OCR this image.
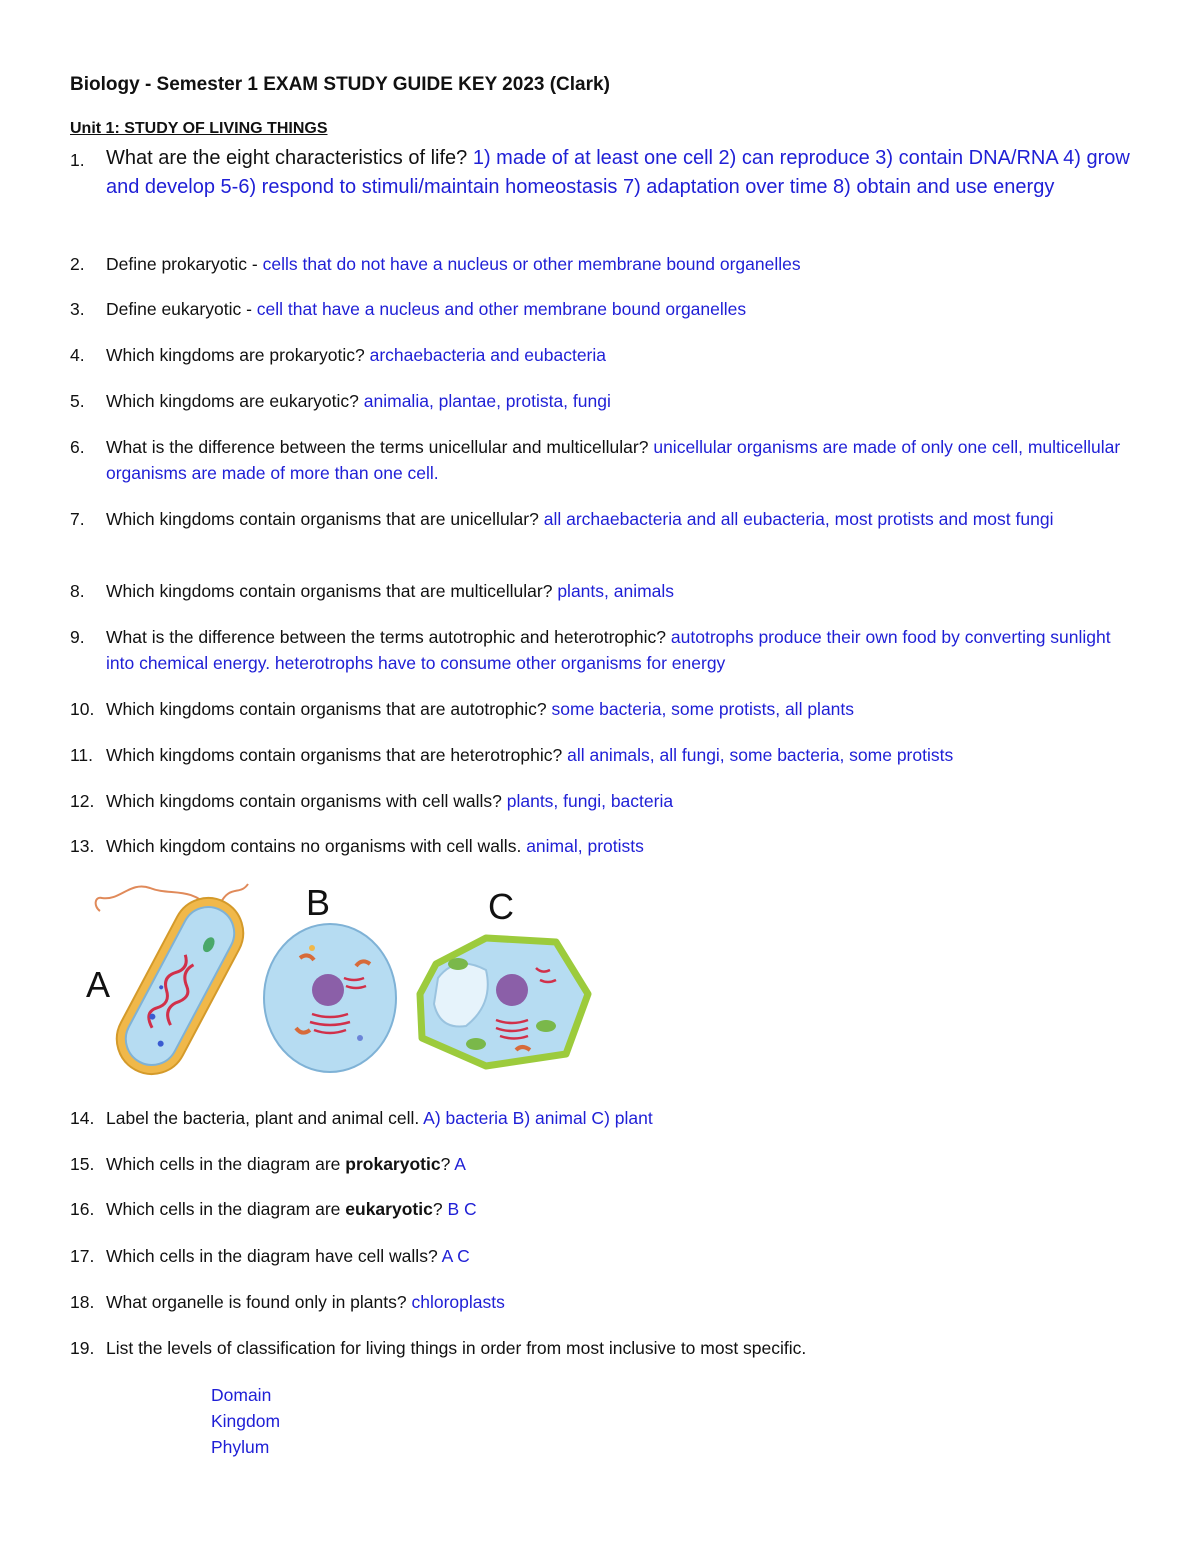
Biology - Semester 1 EXAM STUDY GUIDE KEY 2023 (Clark)
Unit 1: STUDY OF LIVING THINGS
1.	What are the eight characteristics of life? 1) made of at least one cell 2) can reproduce 3) contain DNA/RNA 4) grow and develop 5-6) respond to stimuli/maintain homeostasis 7) adaptation over time 8) obtain and use energy
2.	Define prokaryotic - cells that do not have a nucleus or other membrane bound organelles
3.	Define eukaryotic - cell that have a nucleus and other membrane bound organelles
4.	Which kingdoms are prokaryotic? archaebacteria and eubacteria
5.	Which kingdoms are eukaryotic? animalia, plantae, protista, fungi
6.	What is the difference between the terms unicellular and multicellular? unicellular organisms are made of only one cell, multicellular organisms are made of more than one cell.
7.	Which kingdoms contain organisms that are unicellular? all archaebacteria and all eubacteria, most protists and most fungi
8.	Which kingdoms contain organisms that are multicellular? plants, animals
9.	What is the difference between the terms autotrophic and heterotrophic? autotrophs produce their own food by converting sunlight into chemical energy. heterotrophs have to consume other organisms for energy
10. Which kingdoms contain organisms that are autotrophic? some bacteria, some protists, all plants
11. Which kingdoms contain organisms that are heterotrophic? all animals, all fungi, some bacteria, some protists
12. Which kingdoms contain organisms with cell walls? plants, fungi, bacteria
13. Which kingdom contains no organisms with cell walls. animal, protists
A
B	C
14. Label the bacteria, plant and animal cell. A) bacteria B) animal C) plant
15. Which cells in the diagram are prokaryotic? A
16. Which cells in the diagram are eukaryotic? B C
17. Which cells in the diagram have cell walls? A C
18. What organelle is found only in plants? chloroplasts
19. List the levels of classification for living things in order from most inclusive to most specific.
Domain
Kingdom
Phylum
